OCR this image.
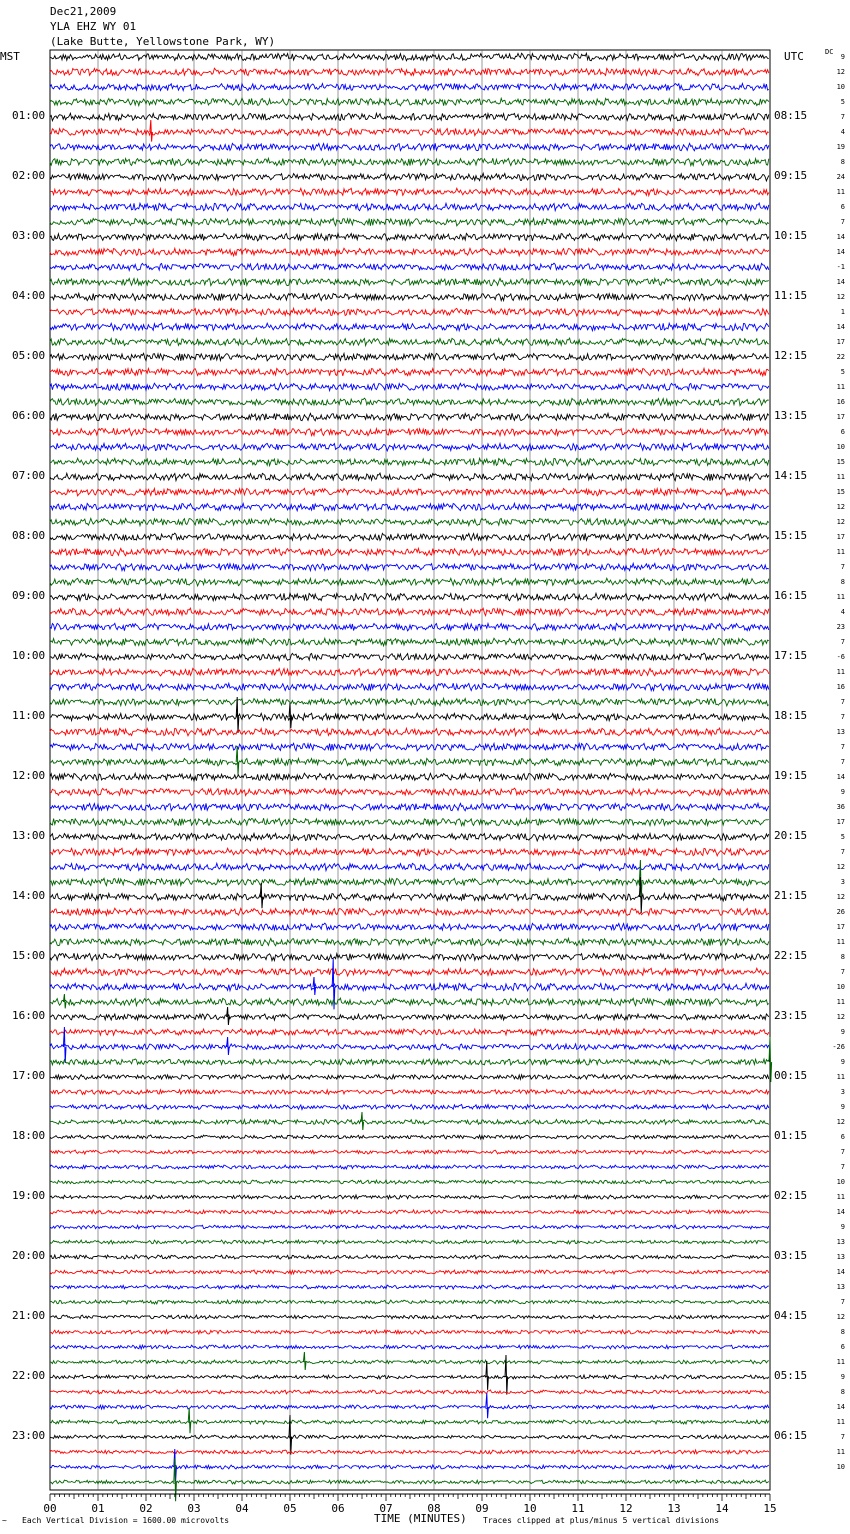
Dec21,2009
YLA EHZ WY 01
(Lake Butte, Yellowstone Park, WY)
MST	UTC	DC
00	01	02	03	04	05	06	07	08	09	10	11	12	13	14	15
01:00	08:15
02:00	09:15
03:00	10:15
04:00	11:15
05:00	12:15
06:00	13:15
07:00	14:15
08:00	15:15
09:00	16:15
10:00	17:15
11:00	18:15
12:00	19:15
13:00	20:15
14:00	21:15
15:00	22:15
16:00	23:15
17:00	00:15
18:00	01:15
19:00	02:15
20:00	03:15
21:00	04:15
22:00	05:15
23:00	06:15
9
12
10
5
7
4
19
8
24
11
6
7
14
14
-1
14
12
1
14
17
22
5
11
16
17
6
10
15
11
15
12
12
17
11
7
8
11
4
23
7
-6
11
16
7
7
13
7
7
14
9
36
17
5
7
12
3
12
26
17
11
8
7
10
11
12
9
-26
9
11
3
9
12
6
7
7
10
11
14
9
13
13
14
13
7
12
8
6
11
9
8
14
11
7
11
10
~ Each Vertical Division = 1600.00 microvolts	TIME (MINUTES) Traces clipped at plus/minus 5 vertical divisions
